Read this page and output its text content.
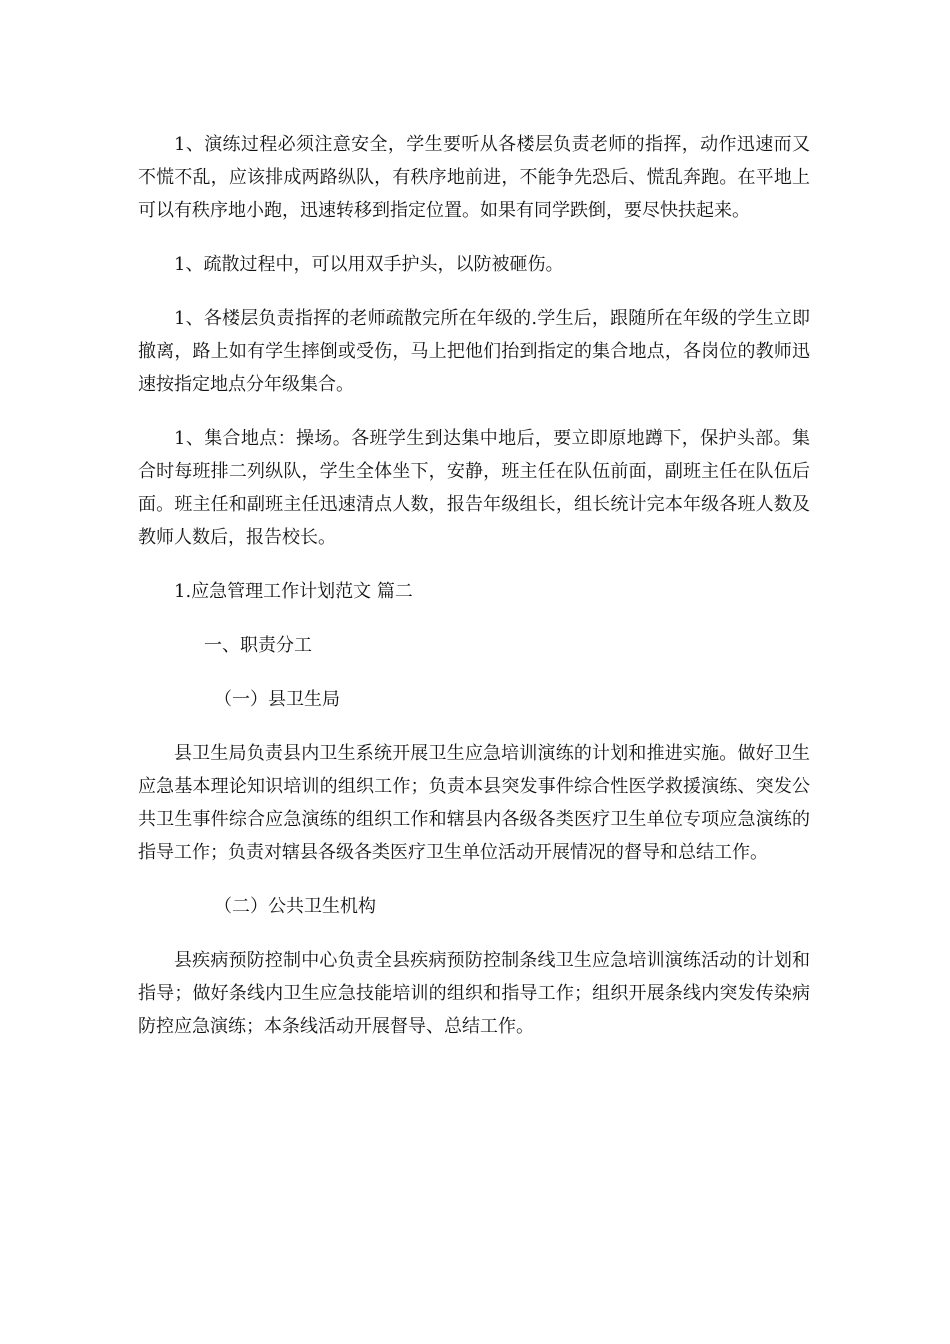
1、演练过程必须注意安全，学生要听从各楼层负责老师的指挥，动作迅速而又不慌不乱，应该排成两路纵队，有秩序地前进，不能争先恐后、慌乱奔跑。在平地上可以有秩序地小跑，迅速转移到指定位置。如果有同学跌倒，要尽快扶起来。

1、疏散过程中，可以用双手护头，以防被砸伤。

1、各楼层负责指挥的老师疏散完所在年级的.学生后，跟随所在年级的学生立即撤离，路上如有学生摔倒或受伤，马上把他们抬到指定的集合地点，各岗位的教师迅速按指定地点分年级集合。

1、集合地点：操场。各班学生到达集中地后，要立即原地蹲下，保护头部。集合时每班排二列纵队，学生全体坐下，安静，班主任在队伍前面，副班主任在队伍后面。班主任和副班主任迅速清点人数，报告年级组长，组长统计完本年级各班人数及教师人数后，报告校长。

1.应急管理工作计划范文 篇二

一、职责分工

（一）县卫生局

县卫生局负责县内卫生系统开展卫生应急培训演练的计划和推进实施。做好卫生应急基本理论知识培训的组织工作；负责本县突发事件综合性医学救援演练、突发公共卫生事件综合应急演练的组织工作和辖县内各级各类医疗卫生单位专项应急演练的指导工作；负责对辖县各级各类医疗卫生单位活动开展情况的督导和总结工作。

（二）公共卫生机构

县疾病预防控制中心负责全县疾病预防控制条线卫生应急培训演练活动的计划和指导；做好条线内卫生应急技能培训的组织和指导工作；组织开展条线内突发传染病防控应急演练；本条线活动开展督导、总结工作。
